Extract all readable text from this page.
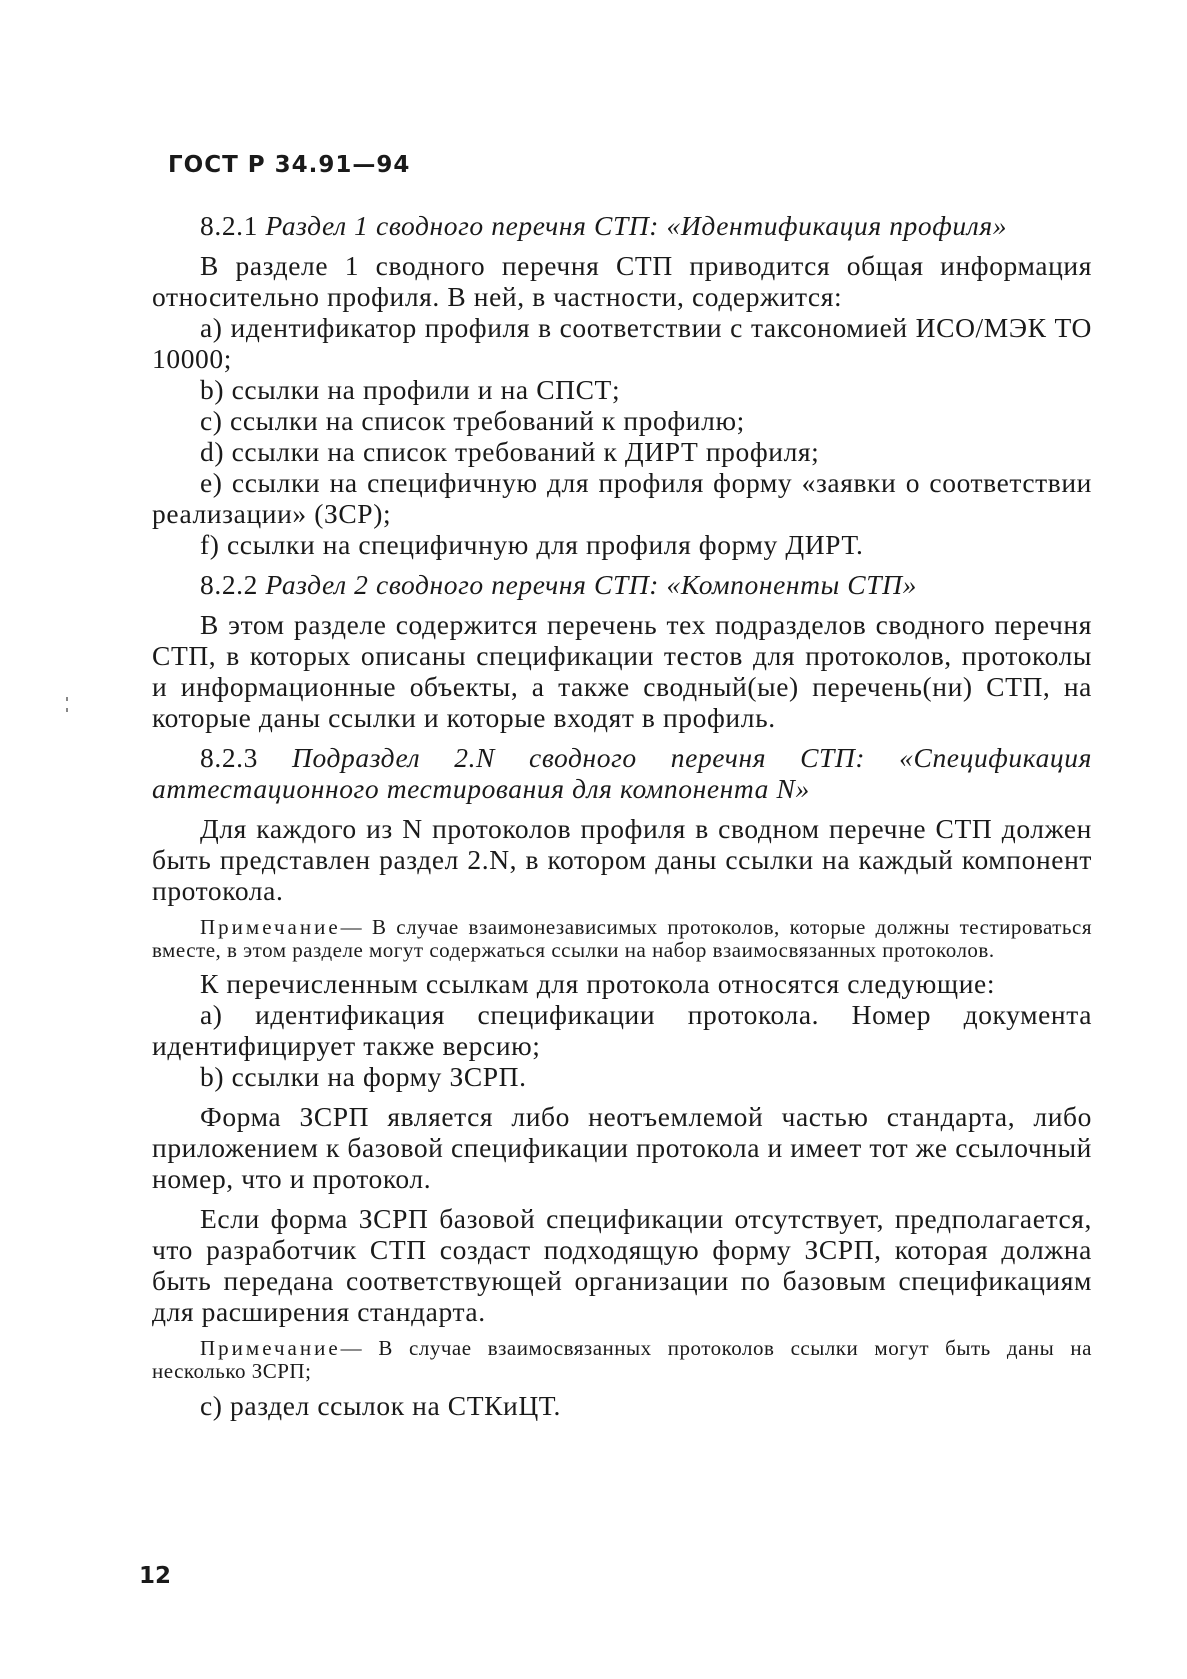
ГОСТ Р 34.91—94

8.2.1 Раздел 1 сводного перечня СТП: «Идентификация профиля»

В разделе 1 сводного перечня СТП приводится общая информация относительно профиля. В ней, в частности, содержится:

а) идентификатор профиля в соответствии с таксономией ИСО/МЭК ТО 10000;

b) ссылки на профили и на СПСТ;

c) ссылки на список требований к профилю;

d) ссылки на список требований к ДИРТ профиля;

e) ссылки на специфичную для профиля форму «заявки о соответствии реализации» (ЗСР);

f) ссылки на специфичную для профиля форму ДИРТ.

8.2.2 Раздел 2 сводного перечня СТП: «Компоненты СТП»

В этом разделе содержится перечень тех подразделов сводного перечня СТП, в которых описаны спецификации тестов для протоколов, протоколы и информационные объекты, а также сводный(ые) перечень(ни) СТП, на которые даны ссылки и которые входят в профиль.

8.2.3 Подраздел 2.N сводного перечня СТП: «Спецификация аттестационного тестирования для компонента N»

Для каждого из N протоколов профиля в сводном перечне СТП должен быть представлен раздел 2.N, в котором даны ссылки на каждый компонент протокола.

Примечание— В случае взаимонезависимых протоколов, которые должны тестироваться вместе, в этом разделе могут содержаться ссылки на набор взаимосвязанных протоколов.

К перечисленным ссылкам для протокола относятся следующие:

а) идентификация спецификации протокола. Номер документа идентифицирует также версию;

b) ссылки на форму ЗСРП.

Форма ЗСРП является либо неотъемлемой частью стандарта, либо приложением к базовой спецификации протокола и имеет тот же ссылочный номер, что и протокол.

Если форма ЗСРП базовой спецификации отсутствует, предполагается, что разработчик СТП создаст подходящую форму ЗСРП, которая должна быть передана соответствующей организации по базовым спецификациям для расширения стандарта.

Примечание— В случае взаимосвязанных протоколов ссылки могут быть даны на несколько ЗСРП;

c) раздел ссылок на СТКиЦТ.

12
